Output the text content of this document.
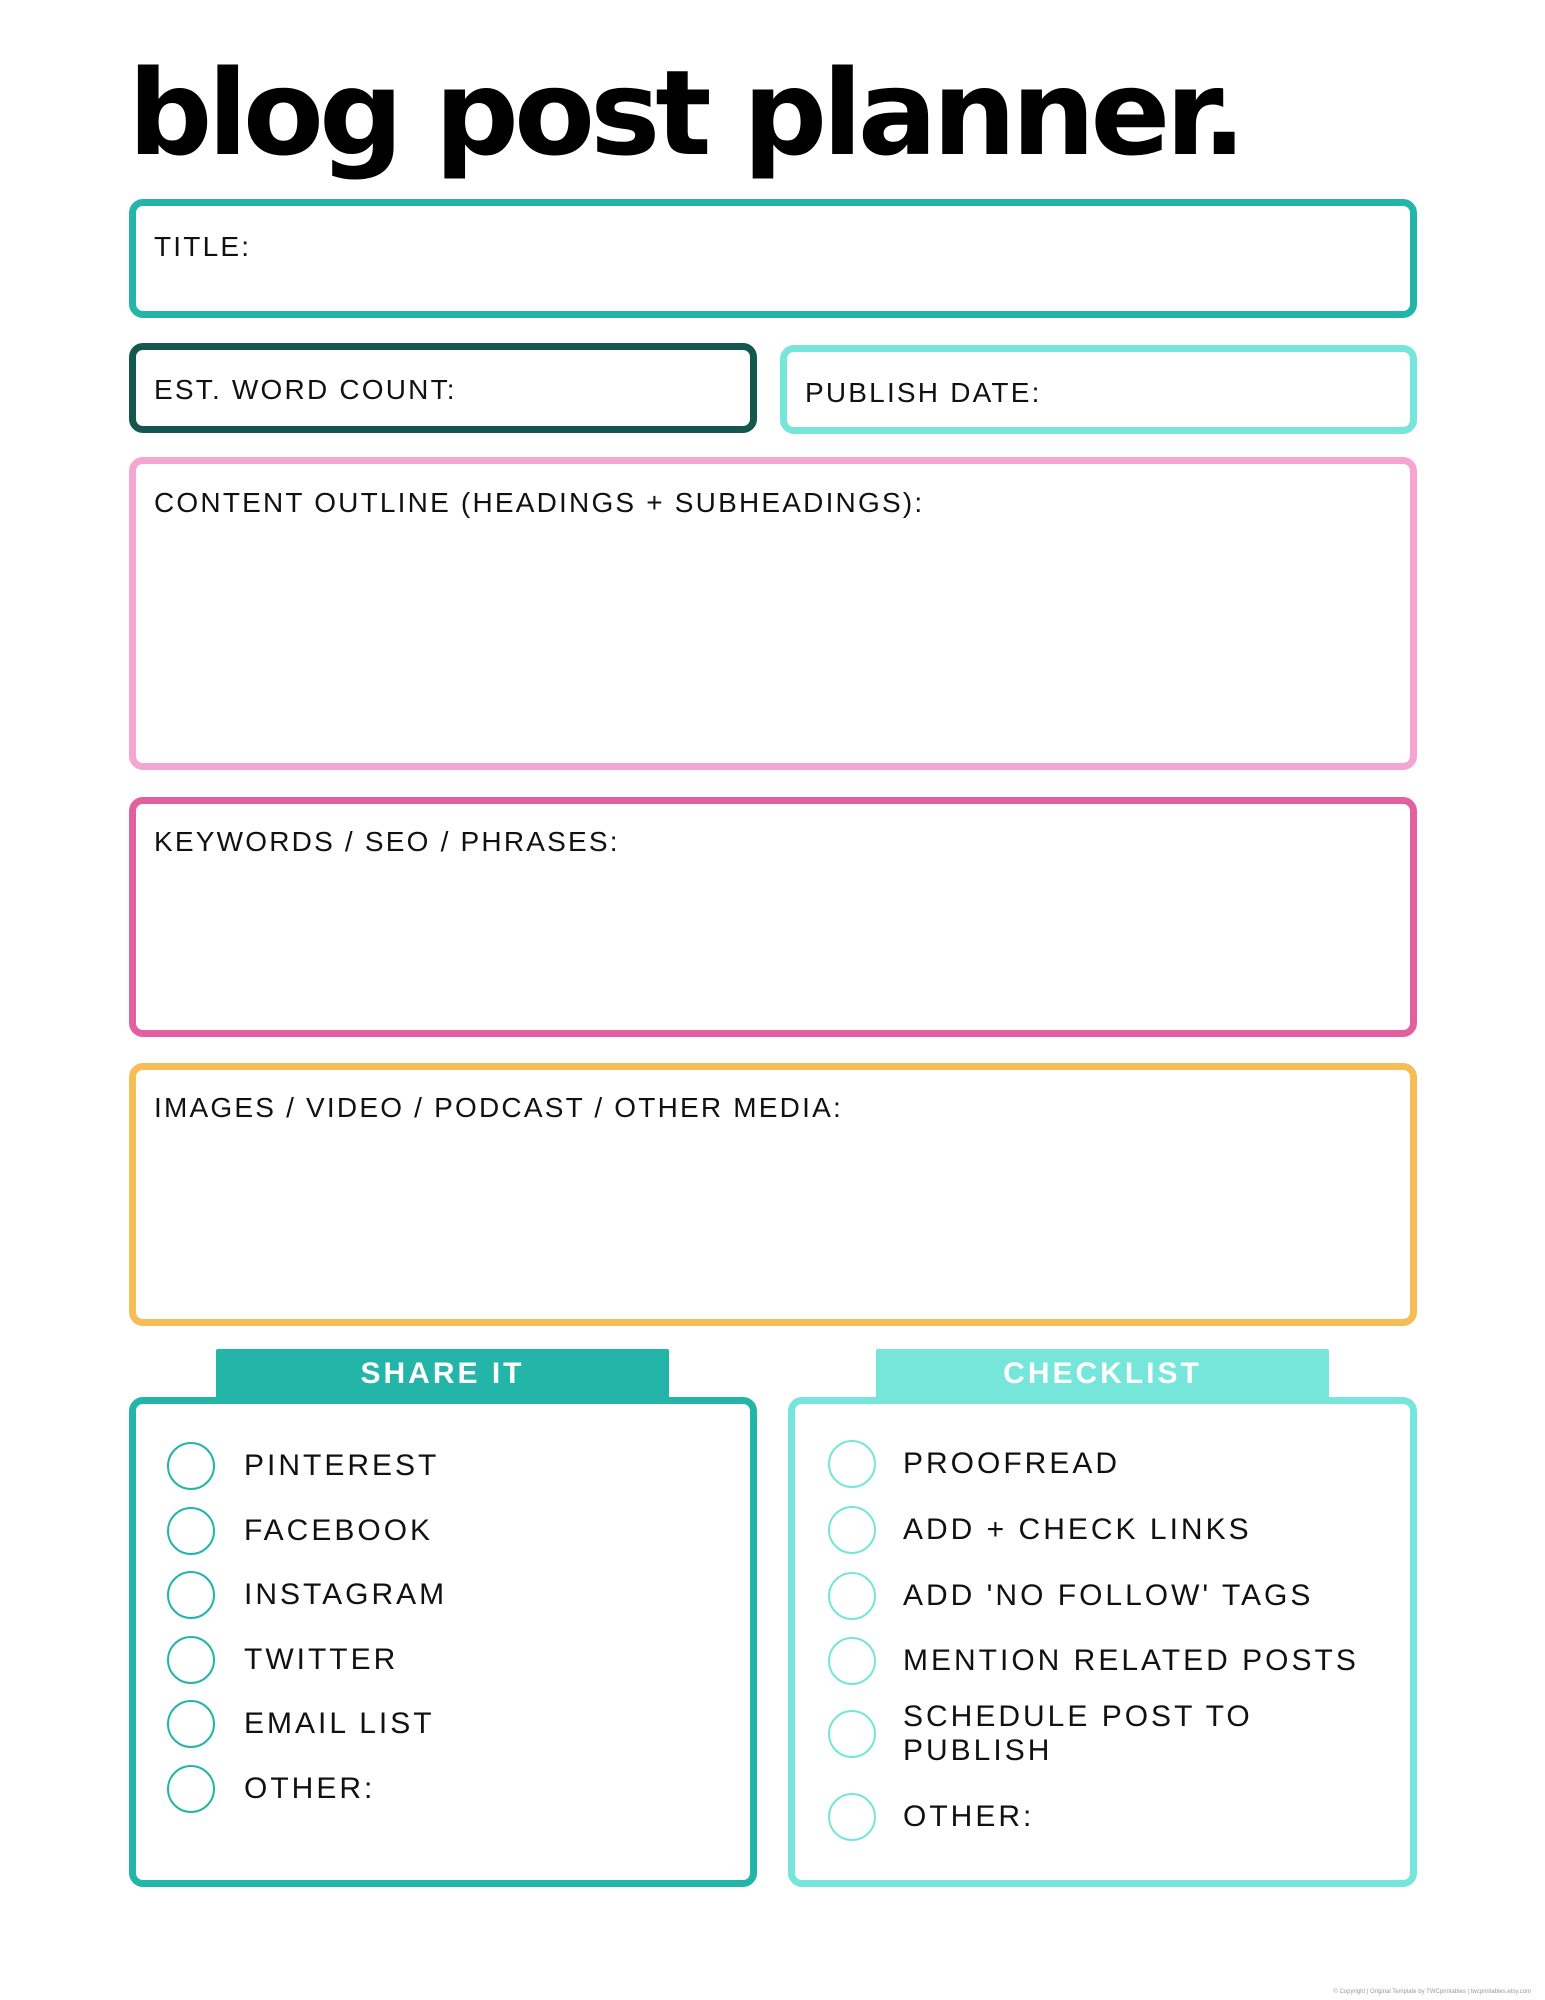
blog post planner.
TITLE:
EST. WORD COUNT:	PUBLISH DATE:
CONTENT OUTLINE (HEADINGS + SUBHEADINGS):
KEYWORDS / SEO / PHRASES:
IMAGES / VIDEO / PODCAST / OTHER MEDIA:
SHARE IT
PINTEREST
FACEBOOK
INSTAGRAM
TWITTER
EMAIL LIST
OTHER:
CHECKLIST
PROOFREAD
ADD + CHECK LINKS
ADD 'NO FOLLOW' TAGS
MENTION RELATED POSTS
SCHEDULE POST TO PUBLISH
OTHER:
© Copyright | Original Template by TWCprintables | twcprintables.etsy.com
